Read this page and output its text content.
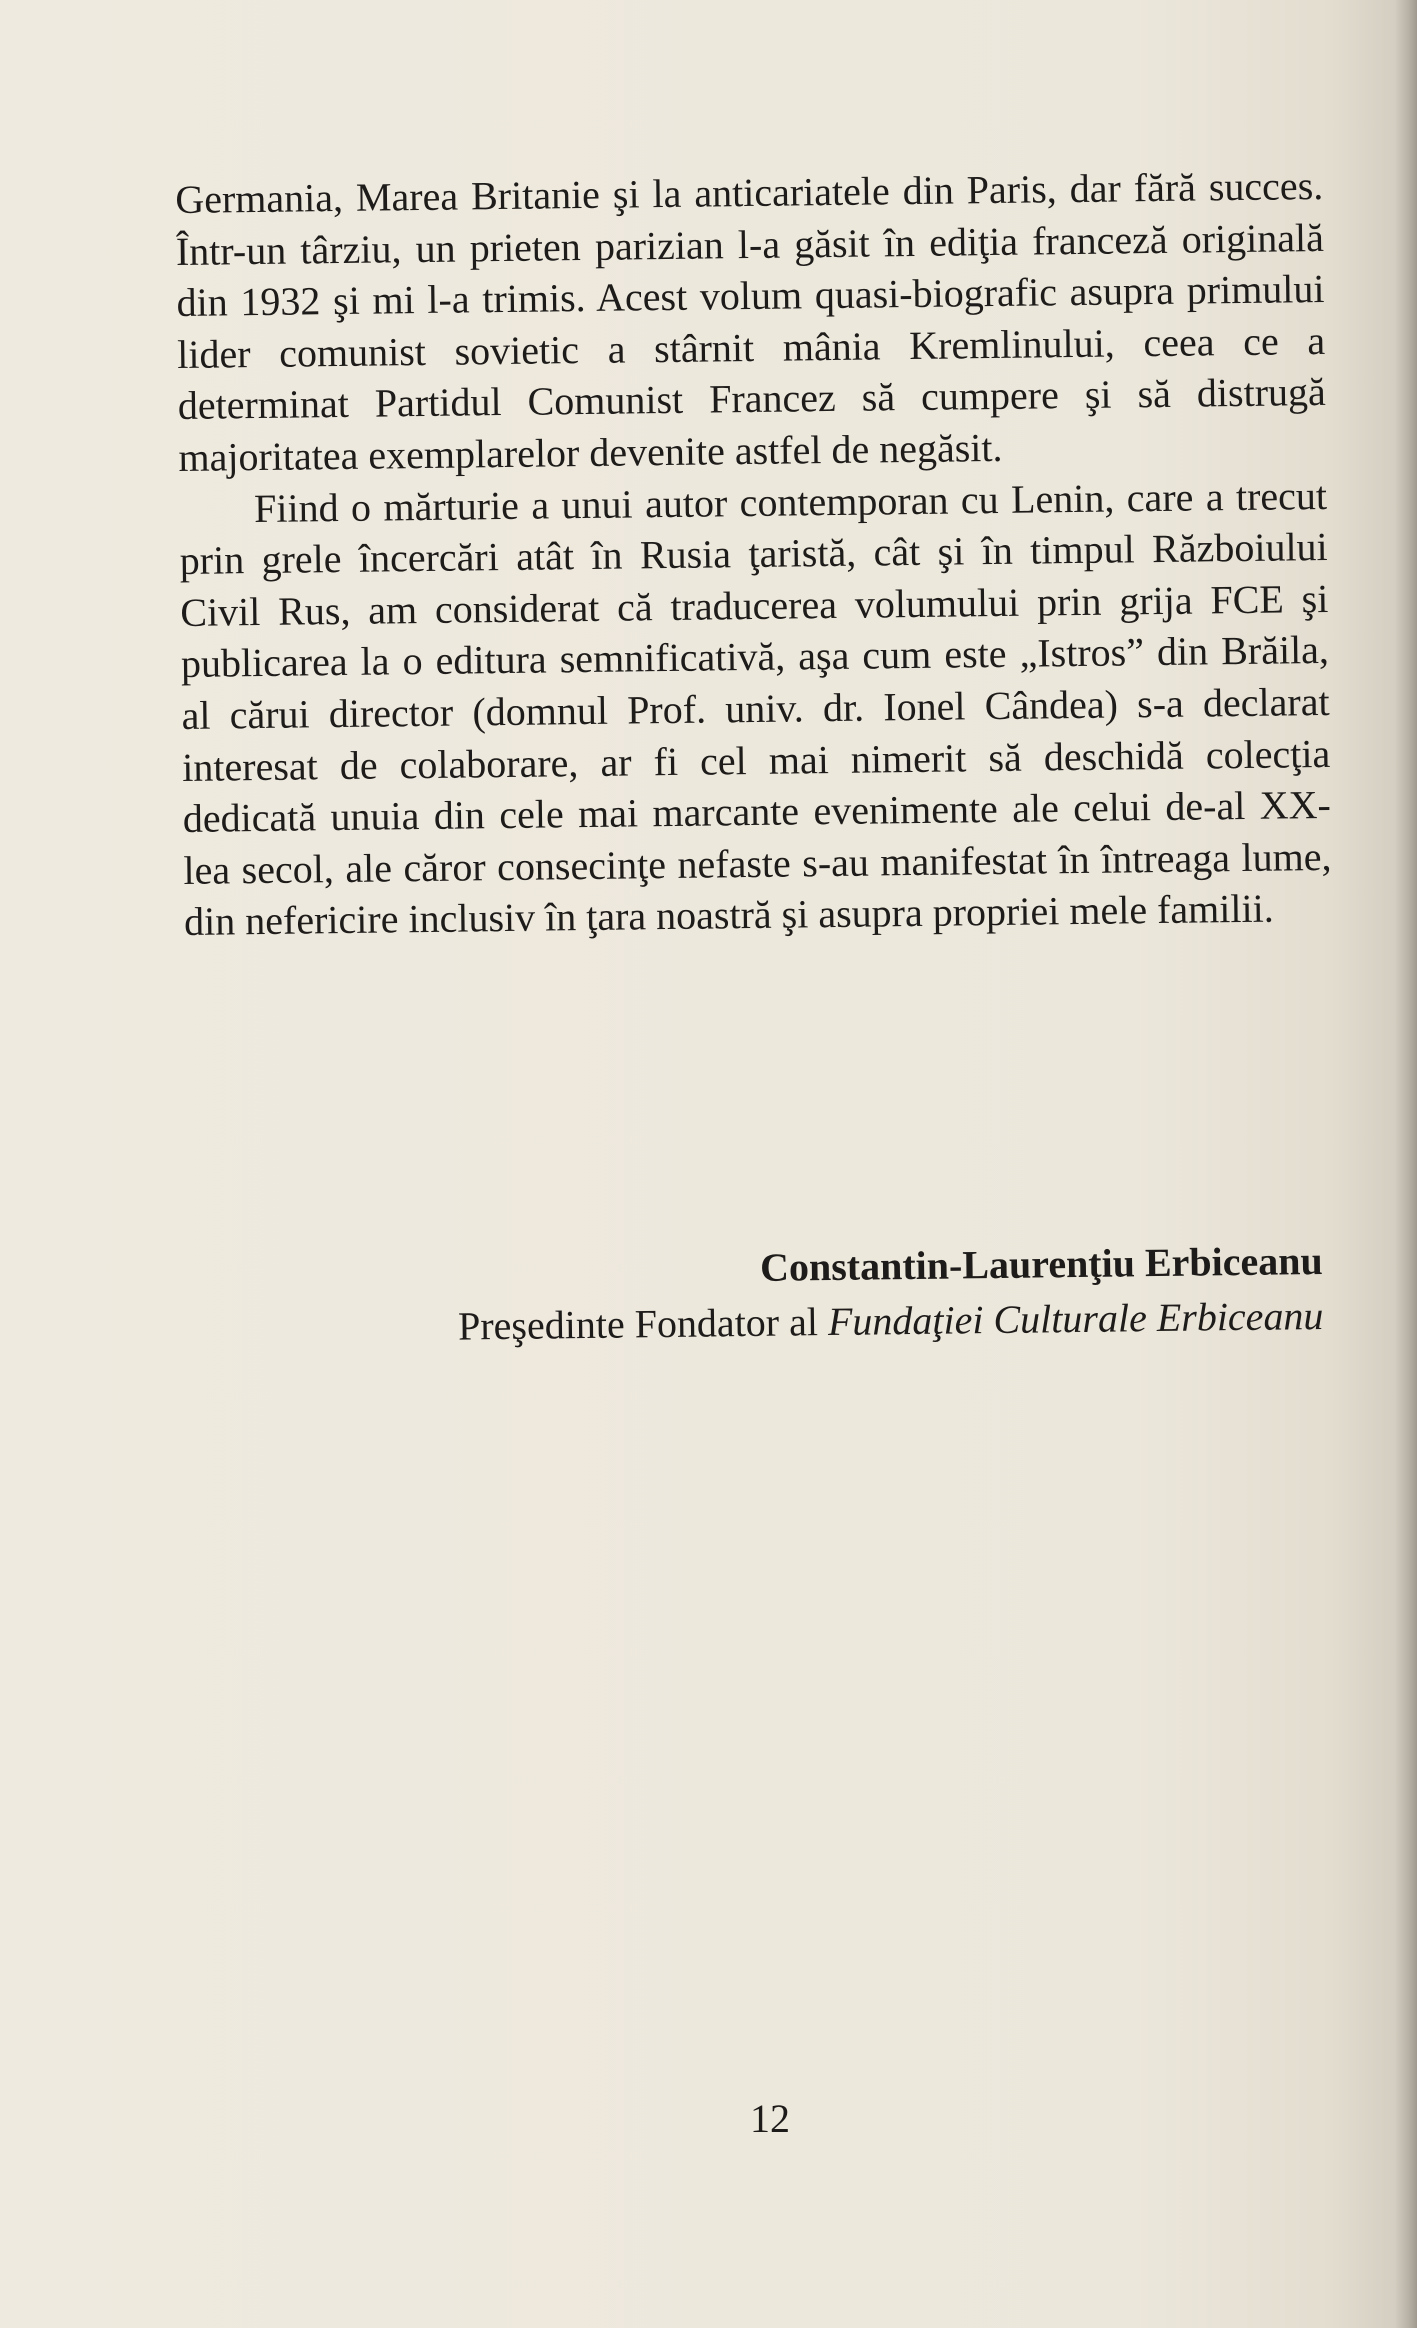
Germania, Marea Britanie şi la anticariatele din Paris, dar fără succes. Într-un târziu, un prieten parizian l-a găsit în ediţia franceză originală din 1932 şi mi l-a trimis. Acest volum quasi-biografic asupra primului lider comunist sovietic a stârnit mânia Kremlinului, ceea ce a determinat Partidul Comunist Francez să cumpere şi să distrugă majoritatea exemplarelor devenite astfel de negăsit.

Fiind o mărturie a unui autor contemporan cu Lenin, care a trecut prin grele încercări atât în Rusia ţaristă, cât şi în timpul Războiului Civil Rus, am considerat că traducerea volumului prin grija FCE şi publicarea la o editura semnificativă, aşa cum este „Istros” din Brăila, al cărui director (domnul Prof. univ. dr. Ionel Cândea) s-a declarat interesat de colaborare, ar fi cel mai nimerit să deschidă colecţia dedicată unuia din cele mai marcante evenimente ale celui de-al XX-lea secol, ale căror consecinţe nefaste s-au manifestat în întreaga lume, din nefericire inclusiv în ţara noastră şi asupra propriei mele familii.

Constantin-Laurenţiu Erbiceanu
Preşedinte Fondator al Fundaţiei Culturale Erbiceanu
12
